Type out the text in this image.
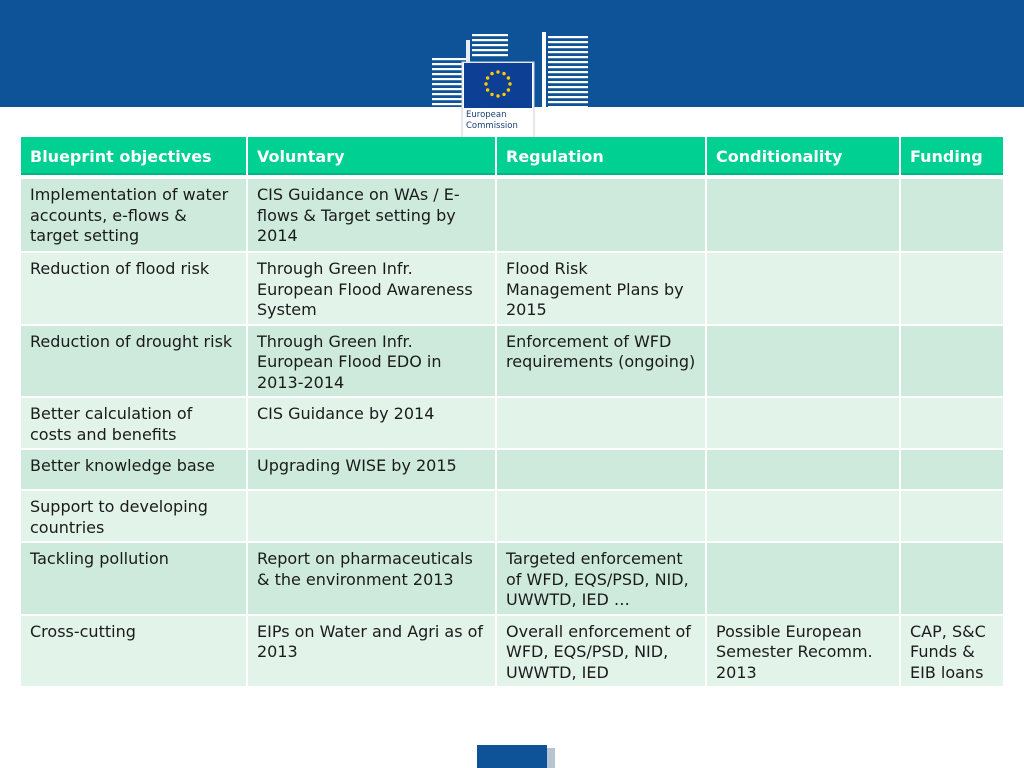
European
Commission
Blueprint objectives	Voluntary	Regulation	Conditionality	Funding
Implementation of water accounts, e-flows & target setting	CIS Guidance on WAs / E-flows & Target setting by 2014			
Reduction of flood risk	Through Green Infr. European Flood Awareness System	Flood Risk Management Plans by 2015		
Reduction of drought risk	Through Green Infr. European Flood EDO in 2013-2014	Enforcement of WFD requirements (ongoing)		
Better calculation of costs and benefits	CIS Guidance by 2014			
Better knowledge base	Upgrading WISE by 2015			
Support to developing countries				
Tackling pollution	Report on pharmaceuticals & the environment 2013	Targeted enforcement of WFD, EQS/PSD, NID, UWWTD, IED …		
Cross-cutting	EIPs on Water and Agri as of 2013	Overall enforcement of WFD, EQS/PSD, NID, UWWTD, IED	Possible European Semester Recomm. 2013	CAP, S&C Funds & EIB loans
